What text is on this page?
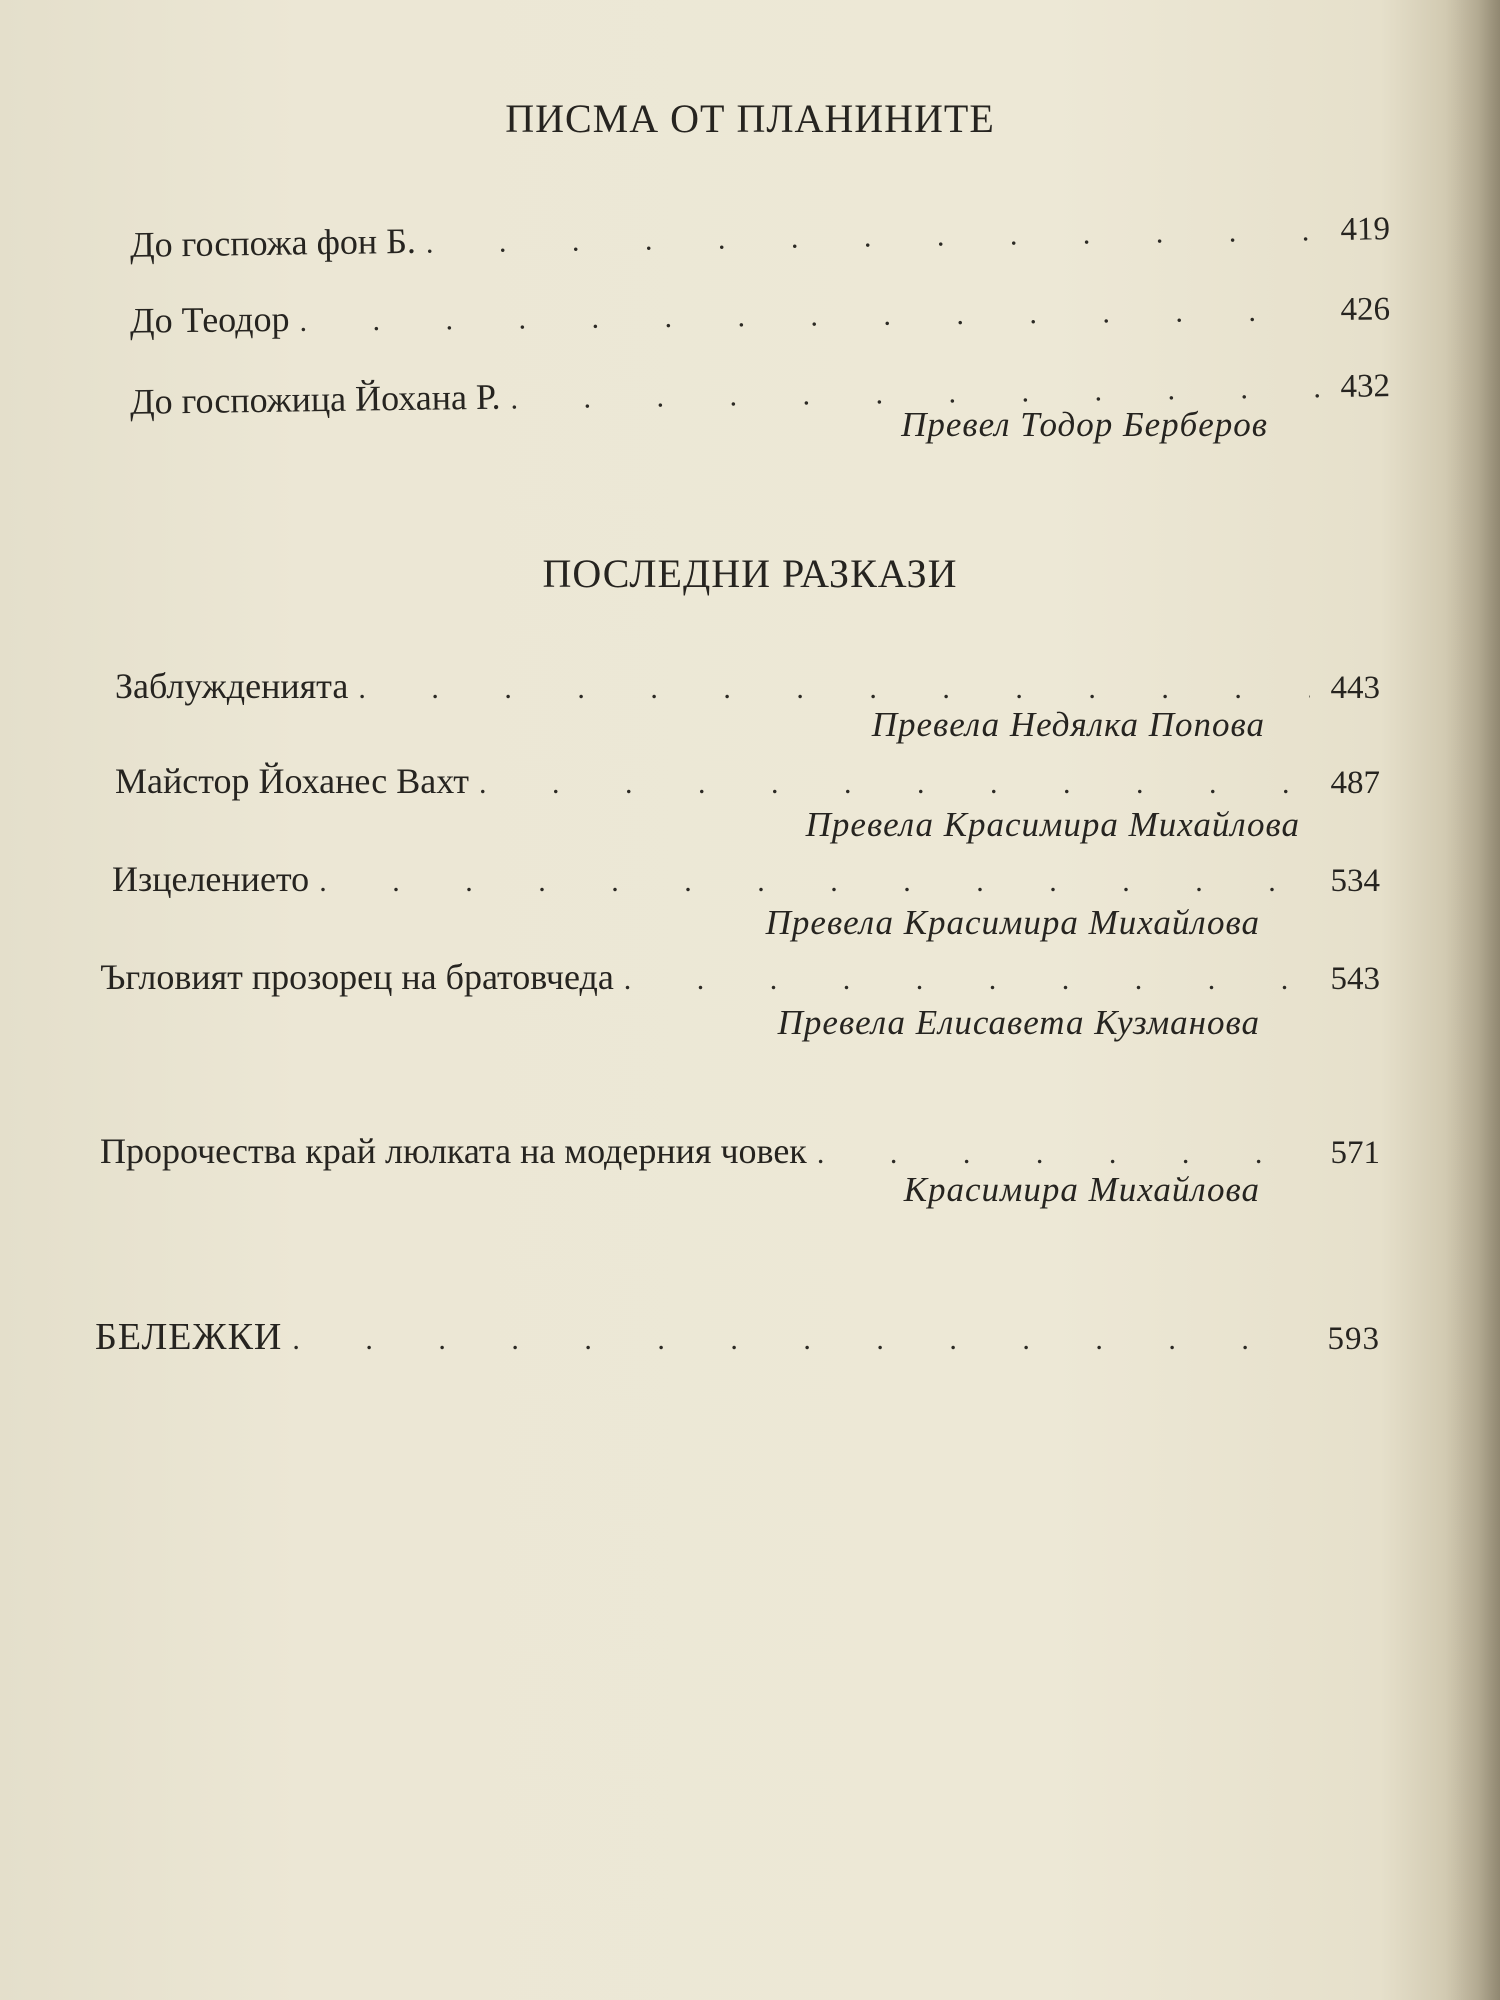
ПИСМА ОТ ПЛАНИНИТЕ
До госпожа фон Б. . . .	419
До Теодор . . .	426
До госпожица Йохана Р. . . .	432
Превел Тодор Берберов
ПОСЛЕДНИ РАЗКАЗИ
Заблужденията . . .	443
Превела Недялка Попова
Майстор Йоханес Вахт . . .	487
Превела Красимира Михайлова
Изцелението . . .	534
Превела Красимира Михайлова
Ъгловият прозорец на братовчеда . . .	543
Превела Елисавета Кузманова
Пророчества край люлката на модерния човек . . .	571
Красимира Михайлова
БЕЛЕЖКИ . . .	593
